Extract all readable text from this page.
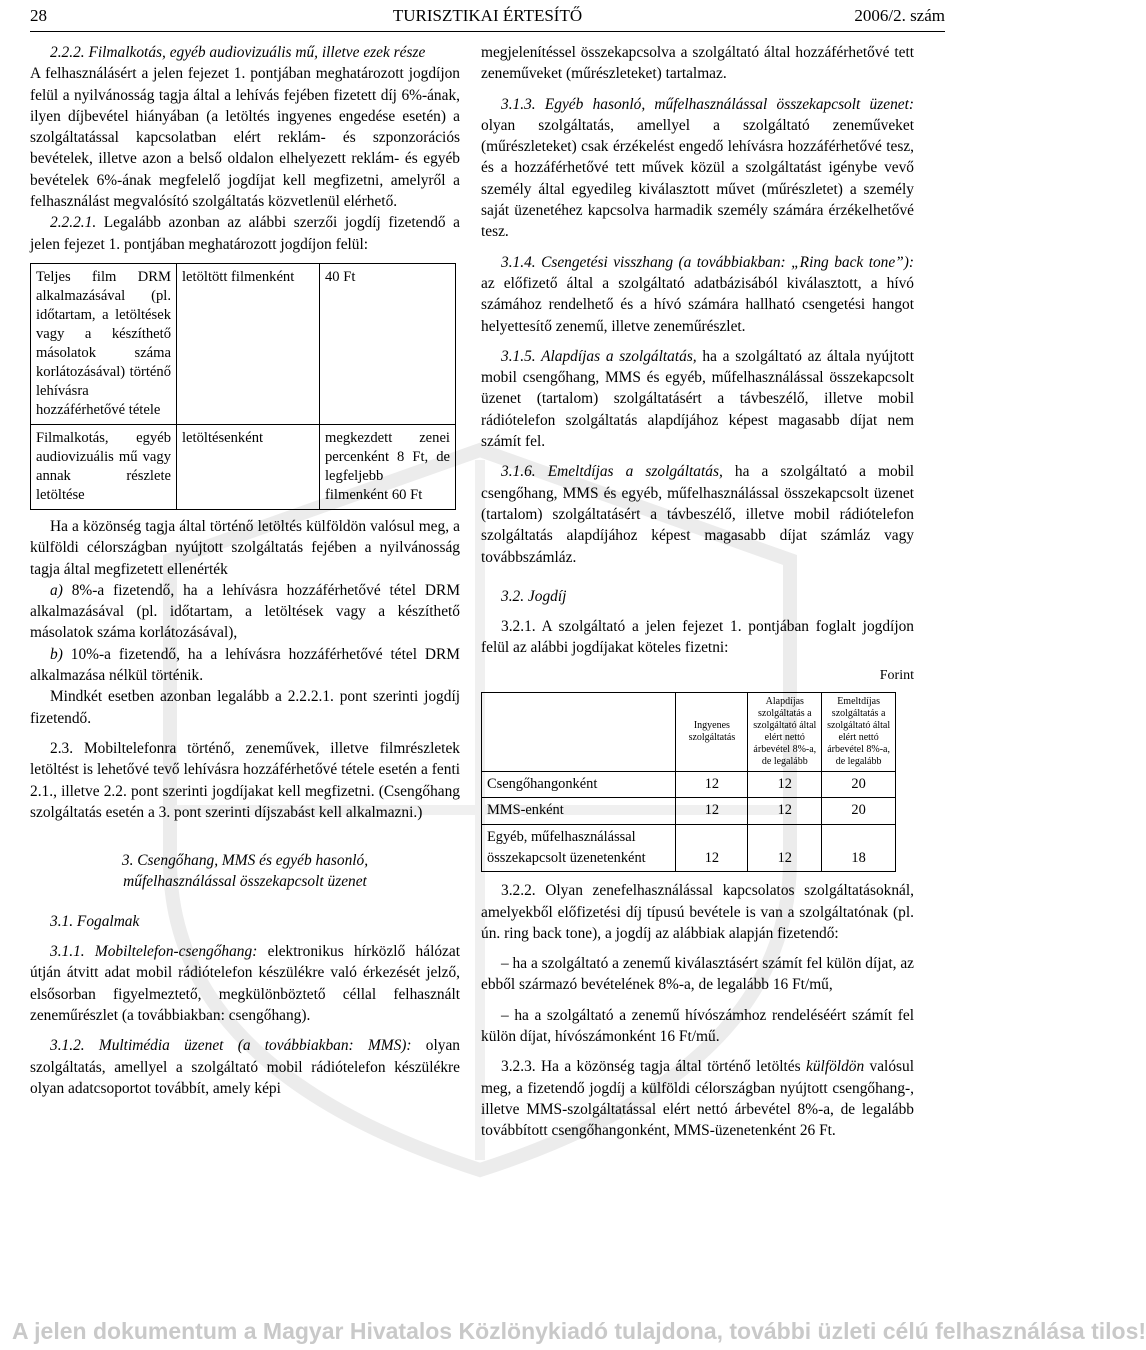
28	TURISZTIKAI ÉRTESÍTŐ	2006/2. szám

2.2.2. Filmalkotás, egyéb audiovizuális mű, illetve ezek része

A felhasználásért a jelen fejezet 1. pontjában meghatározott jogdíjon felül a nyilvánosság tagja által a lehívás fejében fizetett díj 6%-ának, ilyen díjbevétel hiányában (a letöltés ingyenes engedése esetén) a szolgáltatással kapcsolatban elért reklám- és szponzorációs bevételek, illetve azon a belső oldalon elhelyezett reklám- és egyéb bevételek 6%-ának megfelelő jogdíjat kell megfizetni, amelyről a felhasználást megvalósító szolgáltatás közvetlenül elérhető.

2.2.2.1. Legalább azonban az alábbi szerzői jogdíj fizetendő a jelen fejezet 1. pontjában meghatározott jogdíjon felül:

Teljes film DRM alkalmazásával (pl. időtartam, a letöltések vagy a készíthető másolatok száma korlátozásával) történő lehívásra hozzáférhetővé tétele	letöltött filmenként	40 Ft
Filmalkotás, egyéb audiovizuális mű vagy annak részlete letöltése	letöltésenként	megkezdett zenei percenként 8 Ft, de legfeljebb filmenként 60 Ft

Ha a közönség tagja által történő letöltés külföldön valósul meg, a külföldi célországban nyújtott szolgáltatás fejében a nyilvánosság tagja által megfizetett ellenérték

a) 8%-a fizetendő, ha a lehívásra hozzáférhetővé tétel DRM alkalmazásával (pl. időtartam, a letöltések vagy a készíthető másolatok száma korlátozásával),

b) 10%-a fizetendő, ha a lehívásra hozzáférhetővé tétel DRM alkalmazása nélkül történik.

Mindkét esetben azonban legalább a 2.2.2.1. pont szerinti jogdíj fizetendő.

2.3. Mobiltelefonra történő, zeneművek, illetve filmrészletek letöltést is lehetővé tevő lehívásra hozzáférhetővé tétele esetén a fenti 2.1., illetve 2.2. pont szerinti jogdíjakat kell megfizetni. (Csengőhang szolgáltatás esetén a 3. pont szerinti díjszabást kell alkalmazni.)

3. Csengőhang, MMS és egyéb hasonló,
műfelhasználással összekapcsolt üzenet

3.1. Fogalmak

3.1.1. Mobiltelefon-csengőhang: elektronikus hírközlő hálózat útján átvitt adat mobil rádiótelefon készülékre való érkezését jelző, elsősorban figyelmeztető, megkülönböztető céllal felhasznált zeneműrészlet (a továbbiakban: csengőhang).

3.1.2. Multimédia üzenet (a továbbiakban: MMS): olyan szolgáltatás, amellyel a szolgáltató mobil rádiótelefon készülékre olyan adatcsoportot továbbít, amely képi

megjelenítéssel összekapcsolva a szolgáltató által hozzáférhetővé tett zeneműveket (műrészleteket) tartalmaz.

3.1.3. Egyéb hasonló, műfelhasználással összekapcsolt üzenet: olyan szolgáltatás, amellyel a szolgáltató zeneműveket (műrészleteket) csak érzékelést engedő lehívásra hozzáférhetővé tesz, és a hozzáférhetővé tett művek közül a szolgáltatást igénybe vevő személy által egyedileg kiválasztott művet (műrészletet) a személy saját üzenetéhez kapcsolva harmadik személy számára érzékelhetővé tesz.

3.1.4. Csengetési visszhang (a továbbiakban: „Ring back tone”): az előfizető által a szolgáltató adatbázisából kiválasztott, a hívó számához rendelhető és a hívó számára hallható csengetési hangot helyettesítő zenemű, illetve zeneműrészlet.

3.1.5. Alapdíjas a szolgáltatás, ha a szolgáltató az általa nyújtott mobil csengőhang, MMS és egyéb, műfelhasználással összekapcsolt üzenet (tartalom) szolgáltatásért a távbeszélő, illetve mobil rádiótelefon szolgáltatás alapdíjához képest magasabb díjat nem számít fel.

3.1.6. Emeltdíjas a szolgáltatás, ha a szolgáltató a mobil csengőhang, MMS és egyéb, műfelhasználással összekapcsolt üzenet (tartalom) szolgáltatásért a távbeszélő, illetve mobil rádiótelefon szolgáltatás alapdíjához képest magasabb díjat számláz vagy továbbszámláz.

3.2. Jogdíj

3.2.1. A szolgáltató a jelen fejezet 1. pontjában foglalt jogdíjon felül az alábbi jogdíjakat köteles fizetni:

Forint
	Ingyenes szolgáltatás	Alapdíjas szolgáltatás a szolgáltató által elért nettó árbevétel 8%-a, de legalább	Emeltdíjas szolgáltatás a szolgáltató által elért nettó árbevétel 8%-a, de legalább
Csengőhangonként	12	12	20
MMS-enként	12	12	20
Egyéb, műfelhasználással összekapcsolt üzenetenként	12	12	18

3.2.2. Olyan zenefelhasználással kapcsolatos szolgáltatásoknál, amelyekből előfizetési díj típusú bevétele is van a szolgáltatónak (pl. ún. ring back tone), a jogdíj az alábbiak alapján fizetendő:

– ha a szolgáltató a zenemű kiválasztásért számít fel külön díjat, az ebből származó bevételének 8%-a, de legalább 16 Ft/mű,

– ha a szolgáltató a zenemű hívószámhoz rendeléséért számít fel külön díjat, hívószámonként 16 Ft/mű.

3.2.3. Ha a közönség tagja által történő letöltés külföldön valósul meg, a fizetendő jogdíj a külföldi célországban nyújtott csengőhang-, illetve MMS-szolgáltatással elért nettó árbevétel 8%-a, de legalább továbbított csengőhangonként, MMS-üzenetenként 26 Ft.

A jelen dokumentum a Magyar Hivatalos Közlönykiadó tulajdona, további üzleti célú felhasználása tilos!
